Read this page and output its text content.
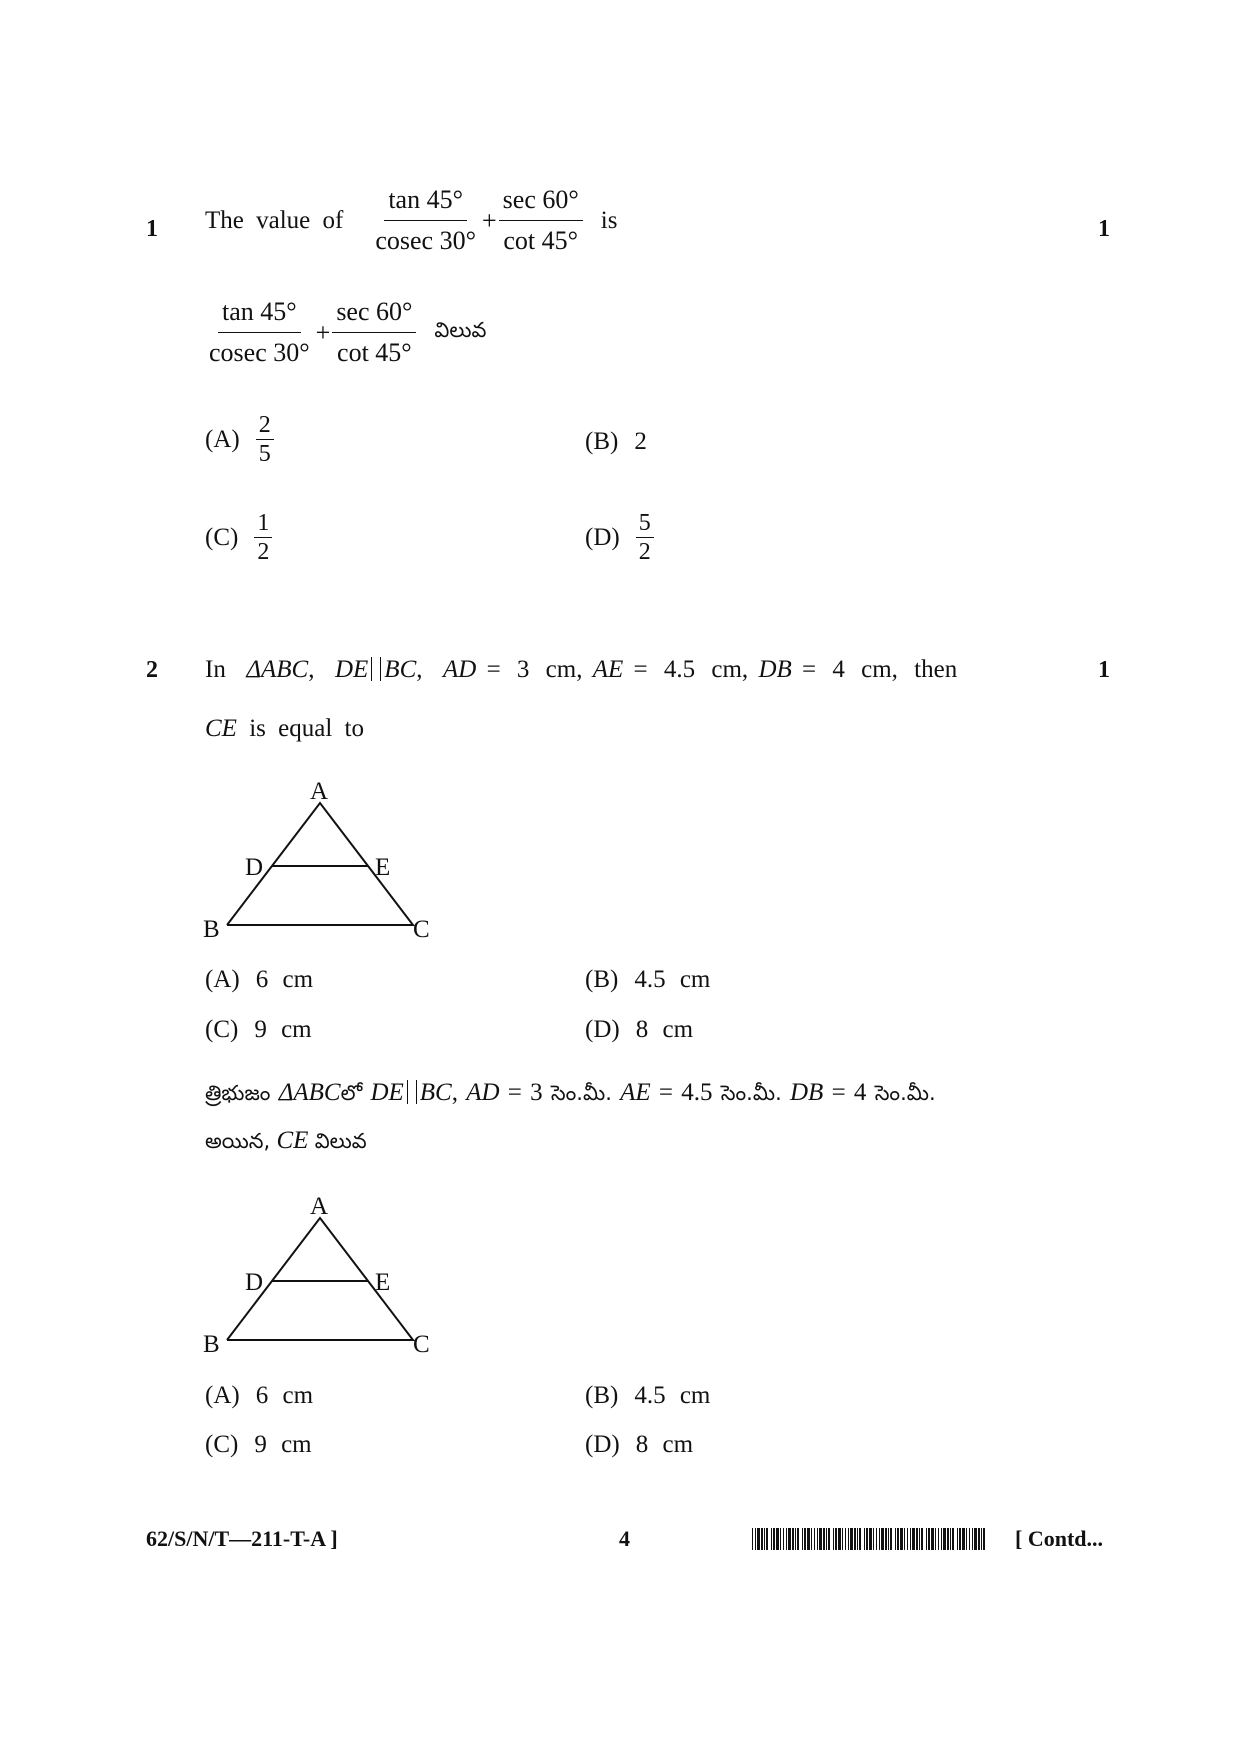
1 The value of $\frac{\tan 45^\circ}{cosec 30^\circ} + \frac{\sec 60^\circ}{\cot 45^\circ}$ is	1
$\frac{\tan 45^\circ}{cosec 30^\circ} + \frac{\sec 60^\circ}{\cot 45^\circ}$ విలువ
$(A) \frac{2}{5}$	(B) 2
$(C) \frac{1}{2}$	$(D) \frac{5}{2}$
2 In ΔABC,  DE BC,  AD = 3 cm, AE = 4.5 cm, DB = 4 cm, then	1
CE is equal to
A
B	C
D	E
(A) 6 cm	(B) 4.5 cm
(C) 9 cm	(D) 8 cm
త్రిభుజం ΔABCలో DE BC, AD = 3 సెం.మీ. AE = 4.5 సెం.మీ. DB = 4 సెం.మీ.
అయిన, CE విలువ
A
B	C
D	E
(A) 6 cm	(B) 4.5 cm
(C) 9 cm	(D) 8 cm
62/S/N/T—211-T-A ]	4	[ Contd...
